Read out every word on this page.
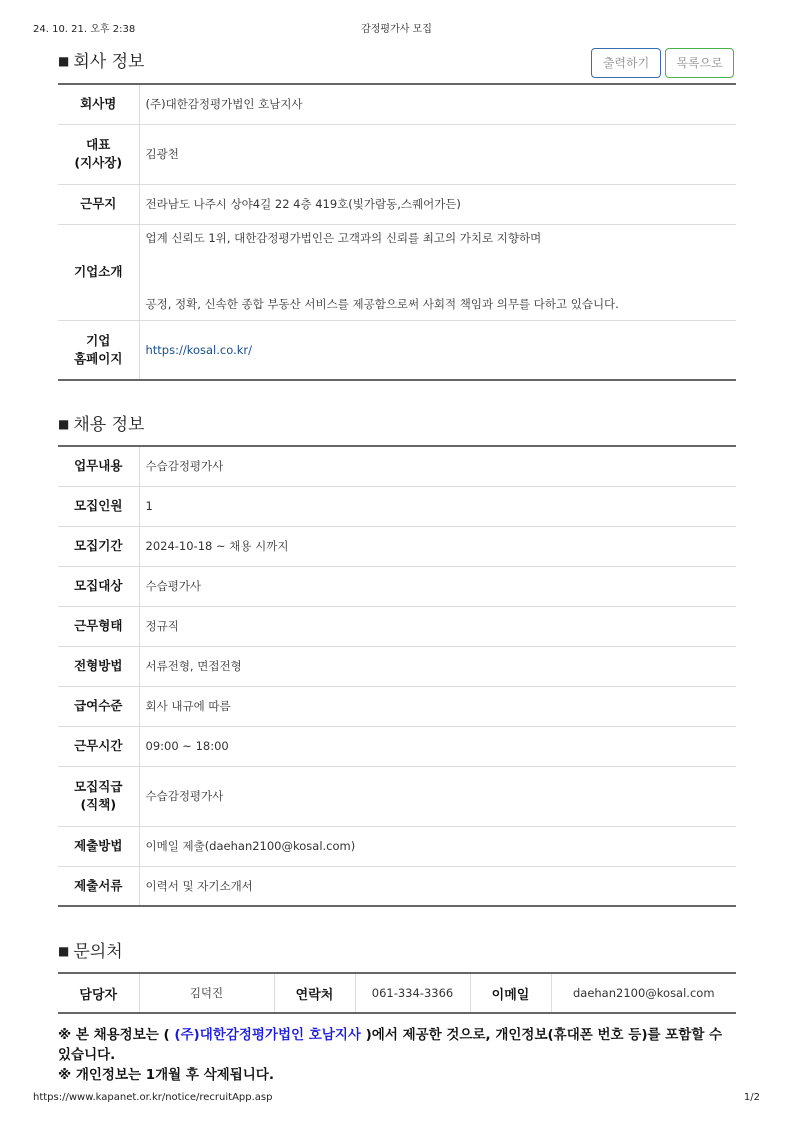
24. 10. 21. 오후 2:38	감정평가사 모집
■ 회사 정보	출력하기	목록으로
회사명	(주)대한감정평가법인 호남지사
대표
(지사장)	김광천
근무지	전라남도 나주시 상야4길 22 4층 419호(빛가람동,스퀘어가든)
기업소개	업계 신뢰도 1위, 대한감정평가법인은 고객과의 신뢰를 최고의 가치로 지향하며
공정, 정확, 신속한 종합 부동산 서비스를 제공함으로써 사회적 책임과 의무를 다하고 있습니다.

기업
홈페이지	https://kosal.co.kr/
■ 채용 정보
업무내용	수습감정평가사
모집인원	1
모집기간	2024-10-18 ~ 채용 시까지
모집대상	수습평가사
근무형태	정규직
전형방법	서류전형, 면접전형
급여수준	회사 내규에 따름
근무시간	09:00 ~ 18:00
모집직급
(직책)	수습감정평가사
제출방법	이메일 제출(daehan2100@kosal.com)
제출서류	이력서 및 자기소개서
■ 문의처
담당자	김덕진	연락처	061-334-3366	이메일	daehan2100@kosal.com
※ 본 채용정보는 ( (주)대한감정평가법인 호남지사 )에서 제공한 것으로, 개인정보(휴대폰 번호 등)를 포함할 수 있습니다.
※ 개인정보는 1개월 후 삭제됩니다.
https://www.kapanet.or.kr/notice/recruitApp.asp	1/2
